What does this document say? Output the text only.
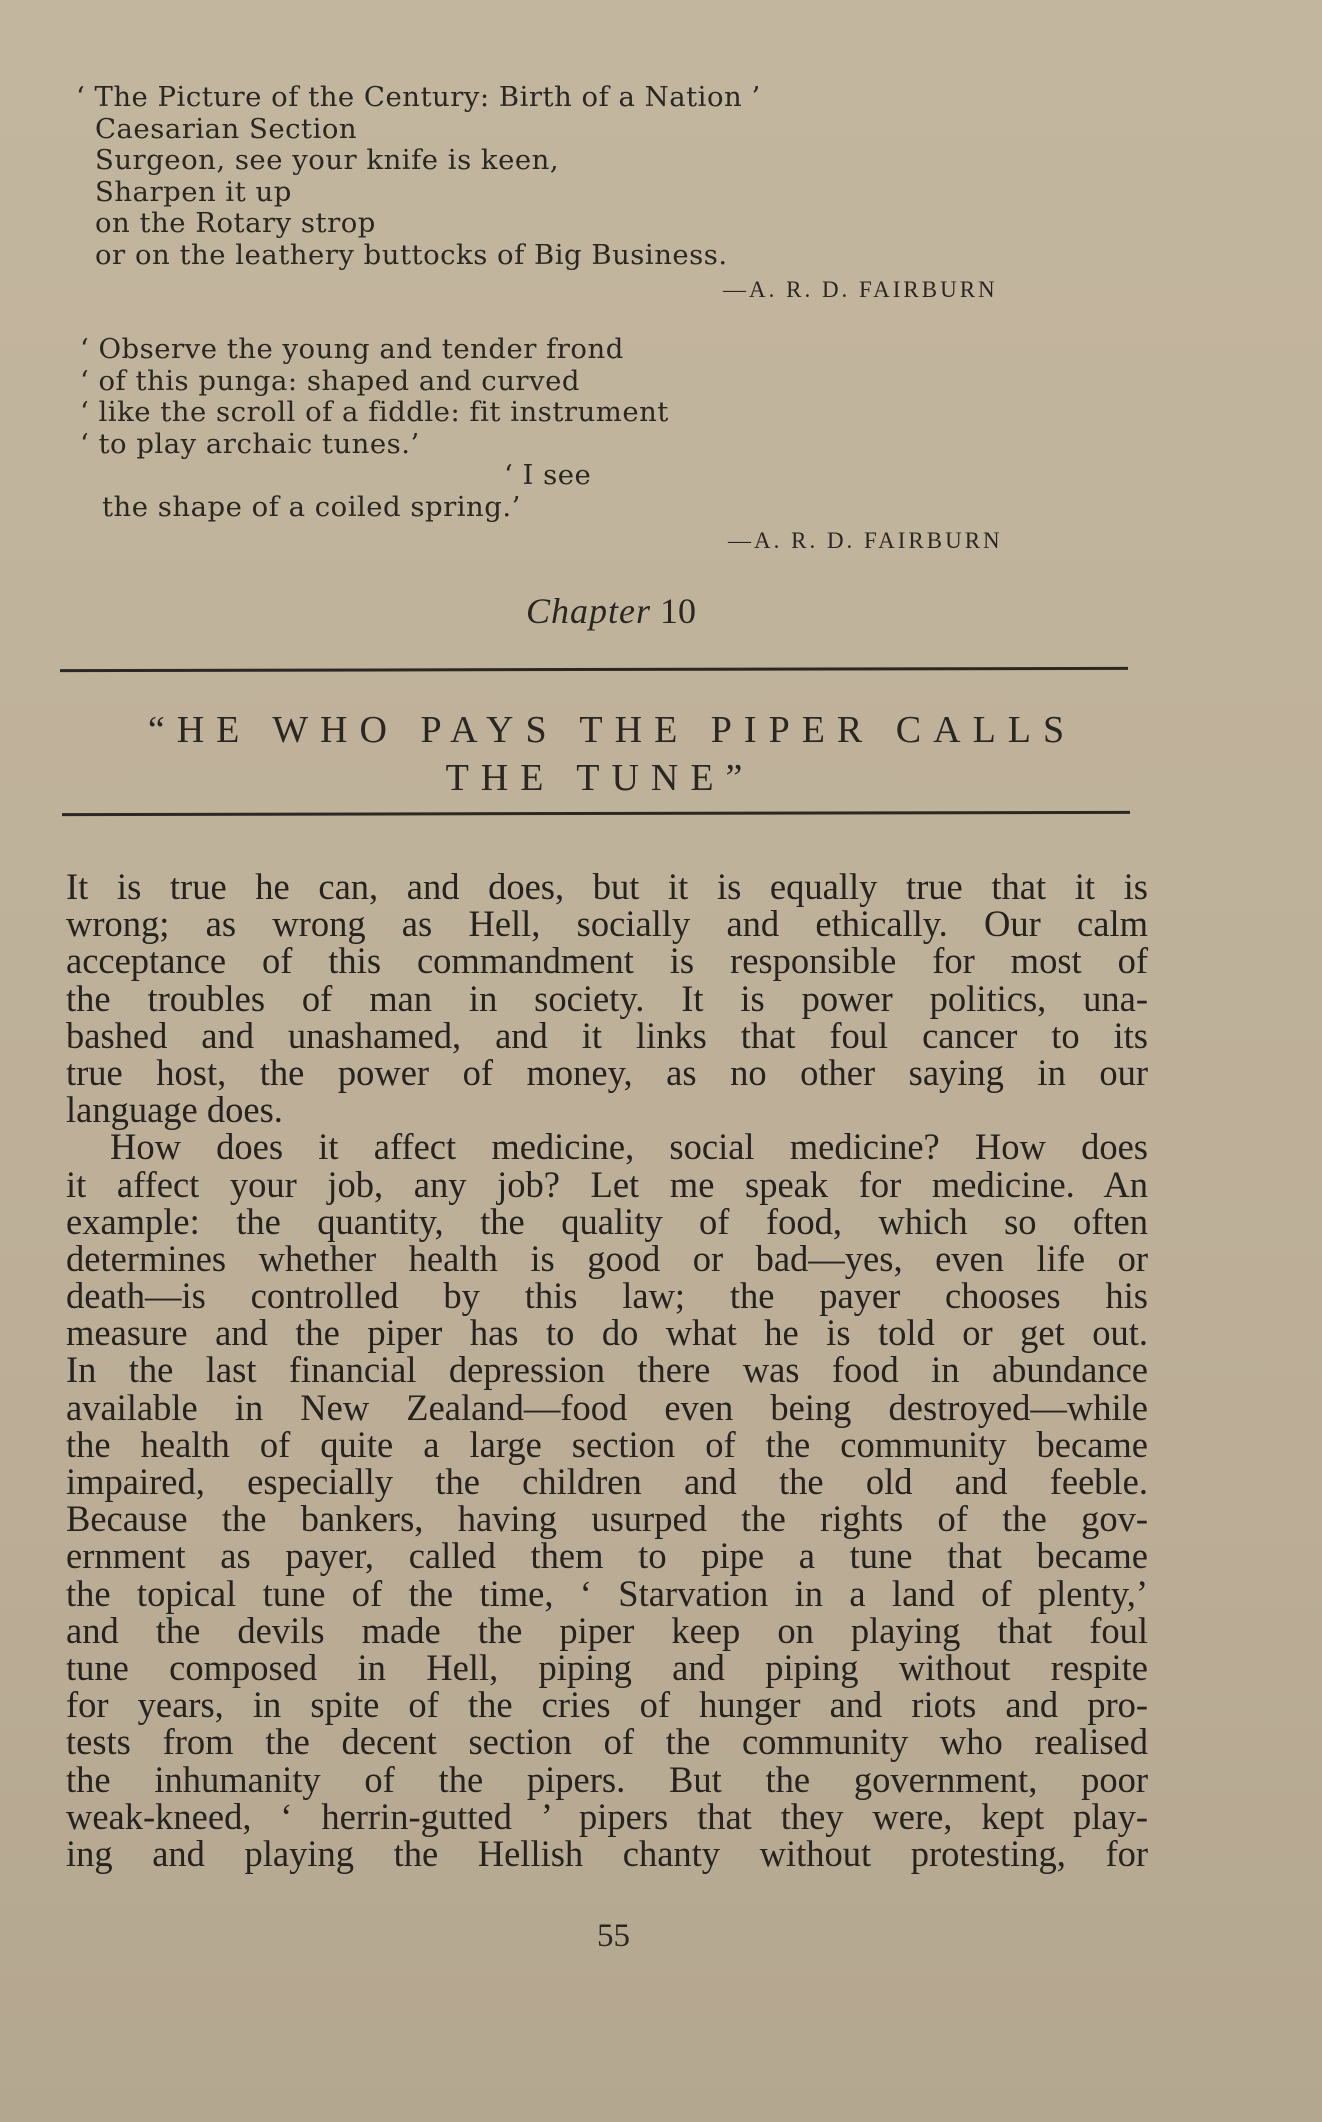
‘ The Picture of the Century: Birth of a Nation ’
Caesarian Section
Surgeon, see your knife is keen,
Sharpen it up
on the Rotary strop
or on the leathery buttocks of Big Business.
—A. R. D. FAIRBURN
‘ Observe the young and tender frond
‘ of this punga: shaped and curved
‘ like the scroll of a fiddle: fit instrument
‘ to play archaic tunes.’
‘ I see
the shape of a coiled spring.’
—A. R. D. FAIRBURN
Chapter 10
“HE WHO PAYS THE PIPER CALLS
THE TUNE”
It is true he can, and does, but it is equally true that it is
wrong; as wrong as Hell, socially and ethically. Our calm
acceptance of this commandment is responsible for most of
the troubles of man in society. It is power politics, una-
bashed and unashamed, and it links that foul cancer to its
true host, the power of money, as no other saying in our
language does.
How does it affect medicine, social medicine? How does
it affect your job, any job? Let me speak for medicine. An
example: the quantity, the quality of food, which so often
determines whether health is good or bad—yes, even life or
death—is controlled by this law; the payer chooses his
measure and the piper has to do what he is told or get out.
In the last financial depression there was food in abundance
available in New Zealand—food even being destroyed—while
the health of quite a large section of the community became
impaired, especially the children and the old and feeble.
Because the bankers, having usurped the rights of the gov-
ernment as payer, called them to pipe a tune that became
the topical tune of the time, ‘ Starvation in a land of plenty,’
and the devils made the piper keep on playing that foul
tune composed in Hell, piping and piping without respite
for years, in spite of the cries of hunger and riots and pro-
tests from the decent section of the community who realised
the inhumanity of the pipers. But the government, poor
weak-kneed, ‘ herrin-gutted ’ pipers that they were, kept play-
ing and playing the Hellish chanty without protesting, for
55
